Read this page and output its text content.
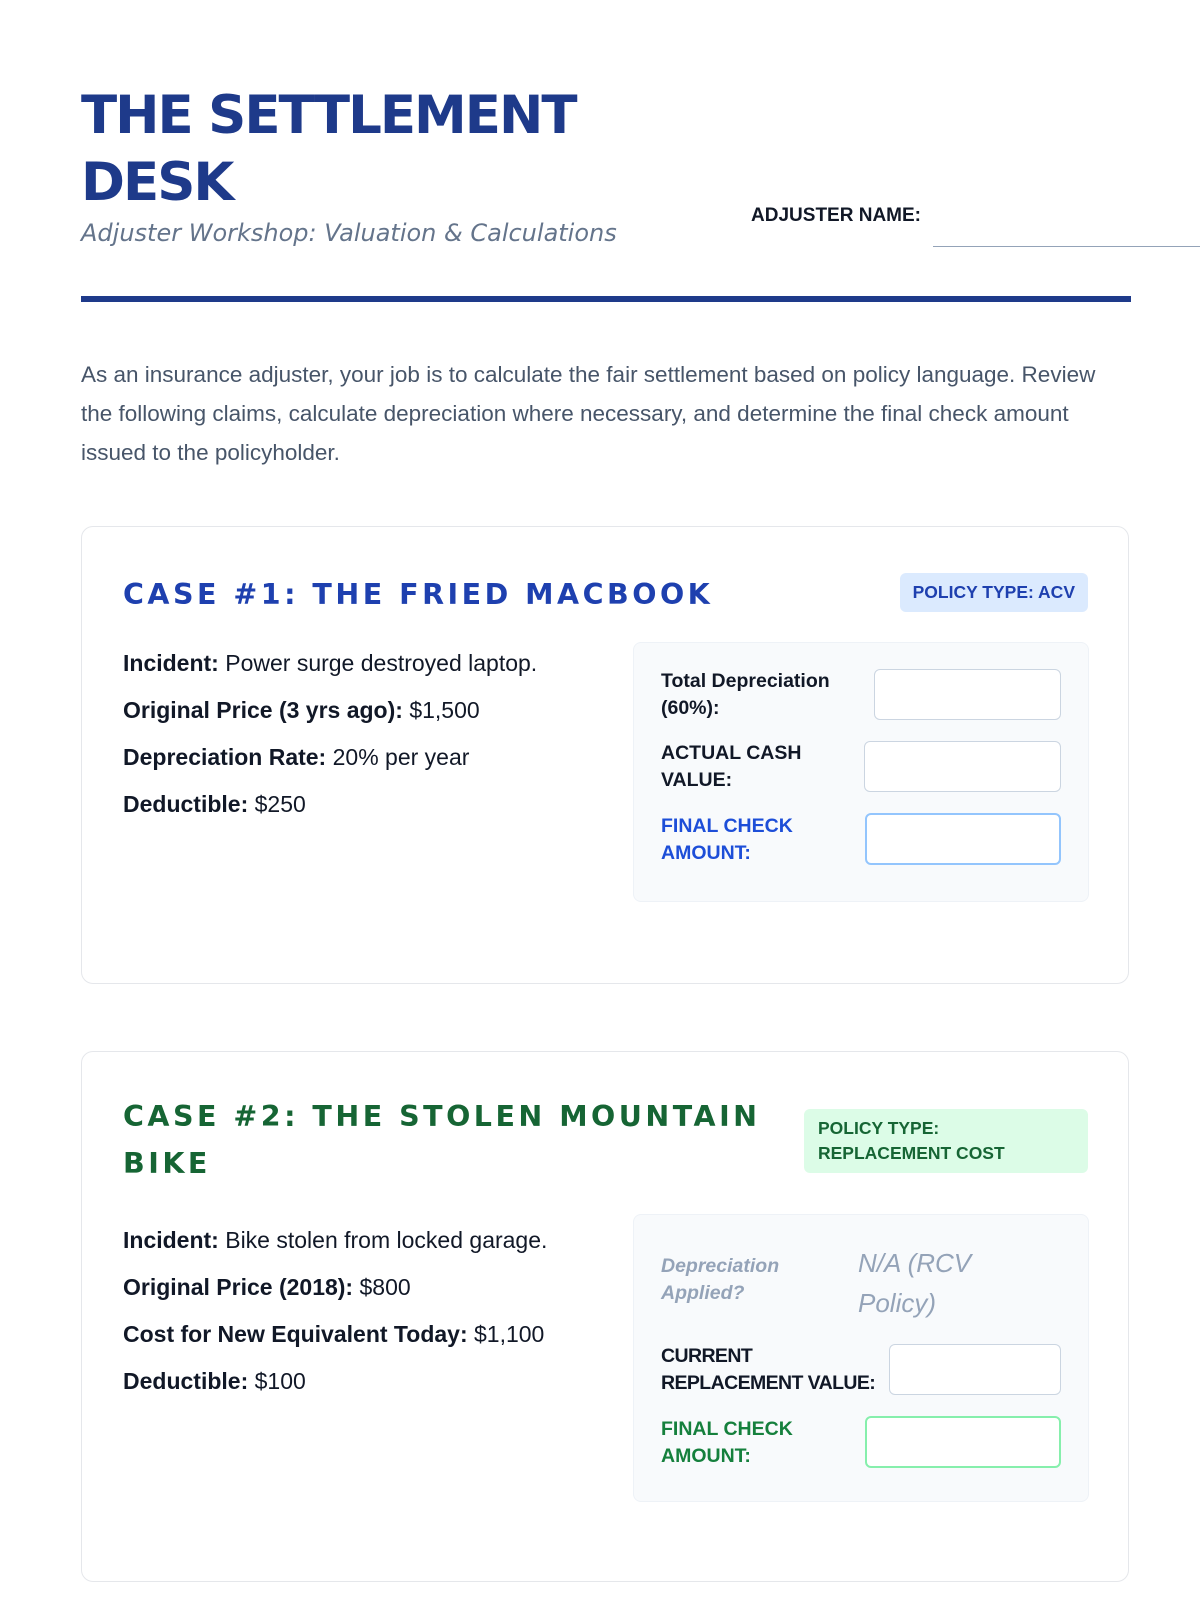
THE SETTLEMENT DESK
Adjuster Workshop: Valuation & Calculations
ADJUSTER NAME:

As an insurance adjuster, your job is to calculate the fair settlement based on policy language. Review the following claims, calculate depreciation where necessary, and determine the final check amount issued to the policyholder.

CASE #1: THE FRIED MACBOOK	POLICY TYPE: ACV
Incident: Power surge destroyed laptop.
Original Price (3 yrs ago): $1,500
Depreciation Rate: 20% per year
Deductible: $250
Total Depreciation (60%):
ACTUAL CASH VALUE:
FINAL CHECK AMOUNT:
CASE #2: THE STOLEN MOUNTAIN BIKE
POLICY TYPE: REPLACEMENT COST
Incident: Bike stolen from locked garage.
Original Price (2018): $800
Cost for New Equivalent Today: $1,100
Deductible: $100
Depreciation Applied?
N/A (RCV Policy)
CURRENT REPLACEMENT VALUE:
FINAL CHECK AMOUNT:
